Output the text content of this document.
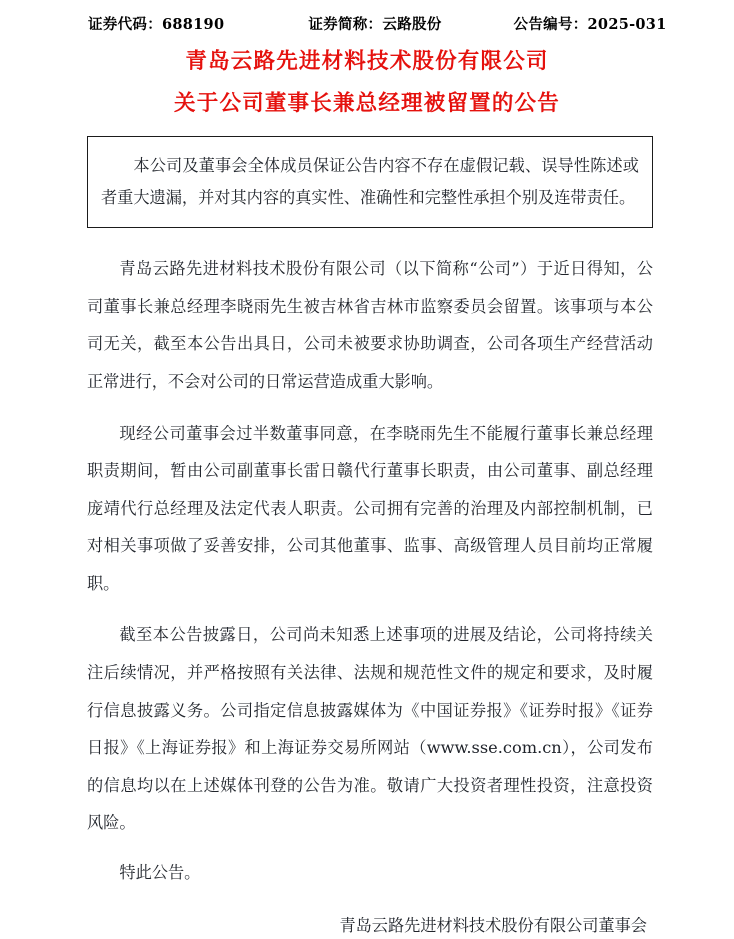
证券代码：688190	证券简称：云路股份	公告编号：2025-031
青岛云路先进材料技术股份有限公司
关于公司董事长兼总经理被留置的公告

本公司及董事会全体成员保证公告内容不存在虚假记载、误导性陈述或者重大遗漏，并对其内容的真实性、准确性和完整性承担个别及连带责任。

青岛云路先进材料技术股份有限公司（以下简称“公司”）于近日得知，公司董事长兼总经理李晓雨先生被吉林省吉林市监察委员会留置。该事项与本公司无关，截至本公告出具日，公司未被要求协助调查，公司各项生产经营活动正常进行，不会对公司的日常运营造成重大影响。

现经公司董事会过半数董事同意，在李晓雨先生不能履行董事长兼总经理职责期间，暂由公司副董事长雷日赣代行董事长职责，由公司董事、副总经理庞靖代行总经理及法定代表人职责。公司拥有完善的治理及内部控制机制，已对相关事项做了妥善安排，公司其他董事、监事、高级管理人员目前均正常履职。

截至本公告披露日，公司尚未知悉上述事项的进展及结论，公司将持续关注后续情况，并严格按照有关法律、法规和规范性文件的规定和要求，及时履行信息披露义务。公司指定信息披露媒体为《中国证券报》《证券时报》《证券日报》《上海证券报》和上海证券交易所网站（www.sse.com.cn），公司发布的信息均以在上述媒体刊登的公告为准。敬请广大投资者理性投资，注意投资风险。

特此公告。

青岛云路先进材料技术股份有限公司董事会
